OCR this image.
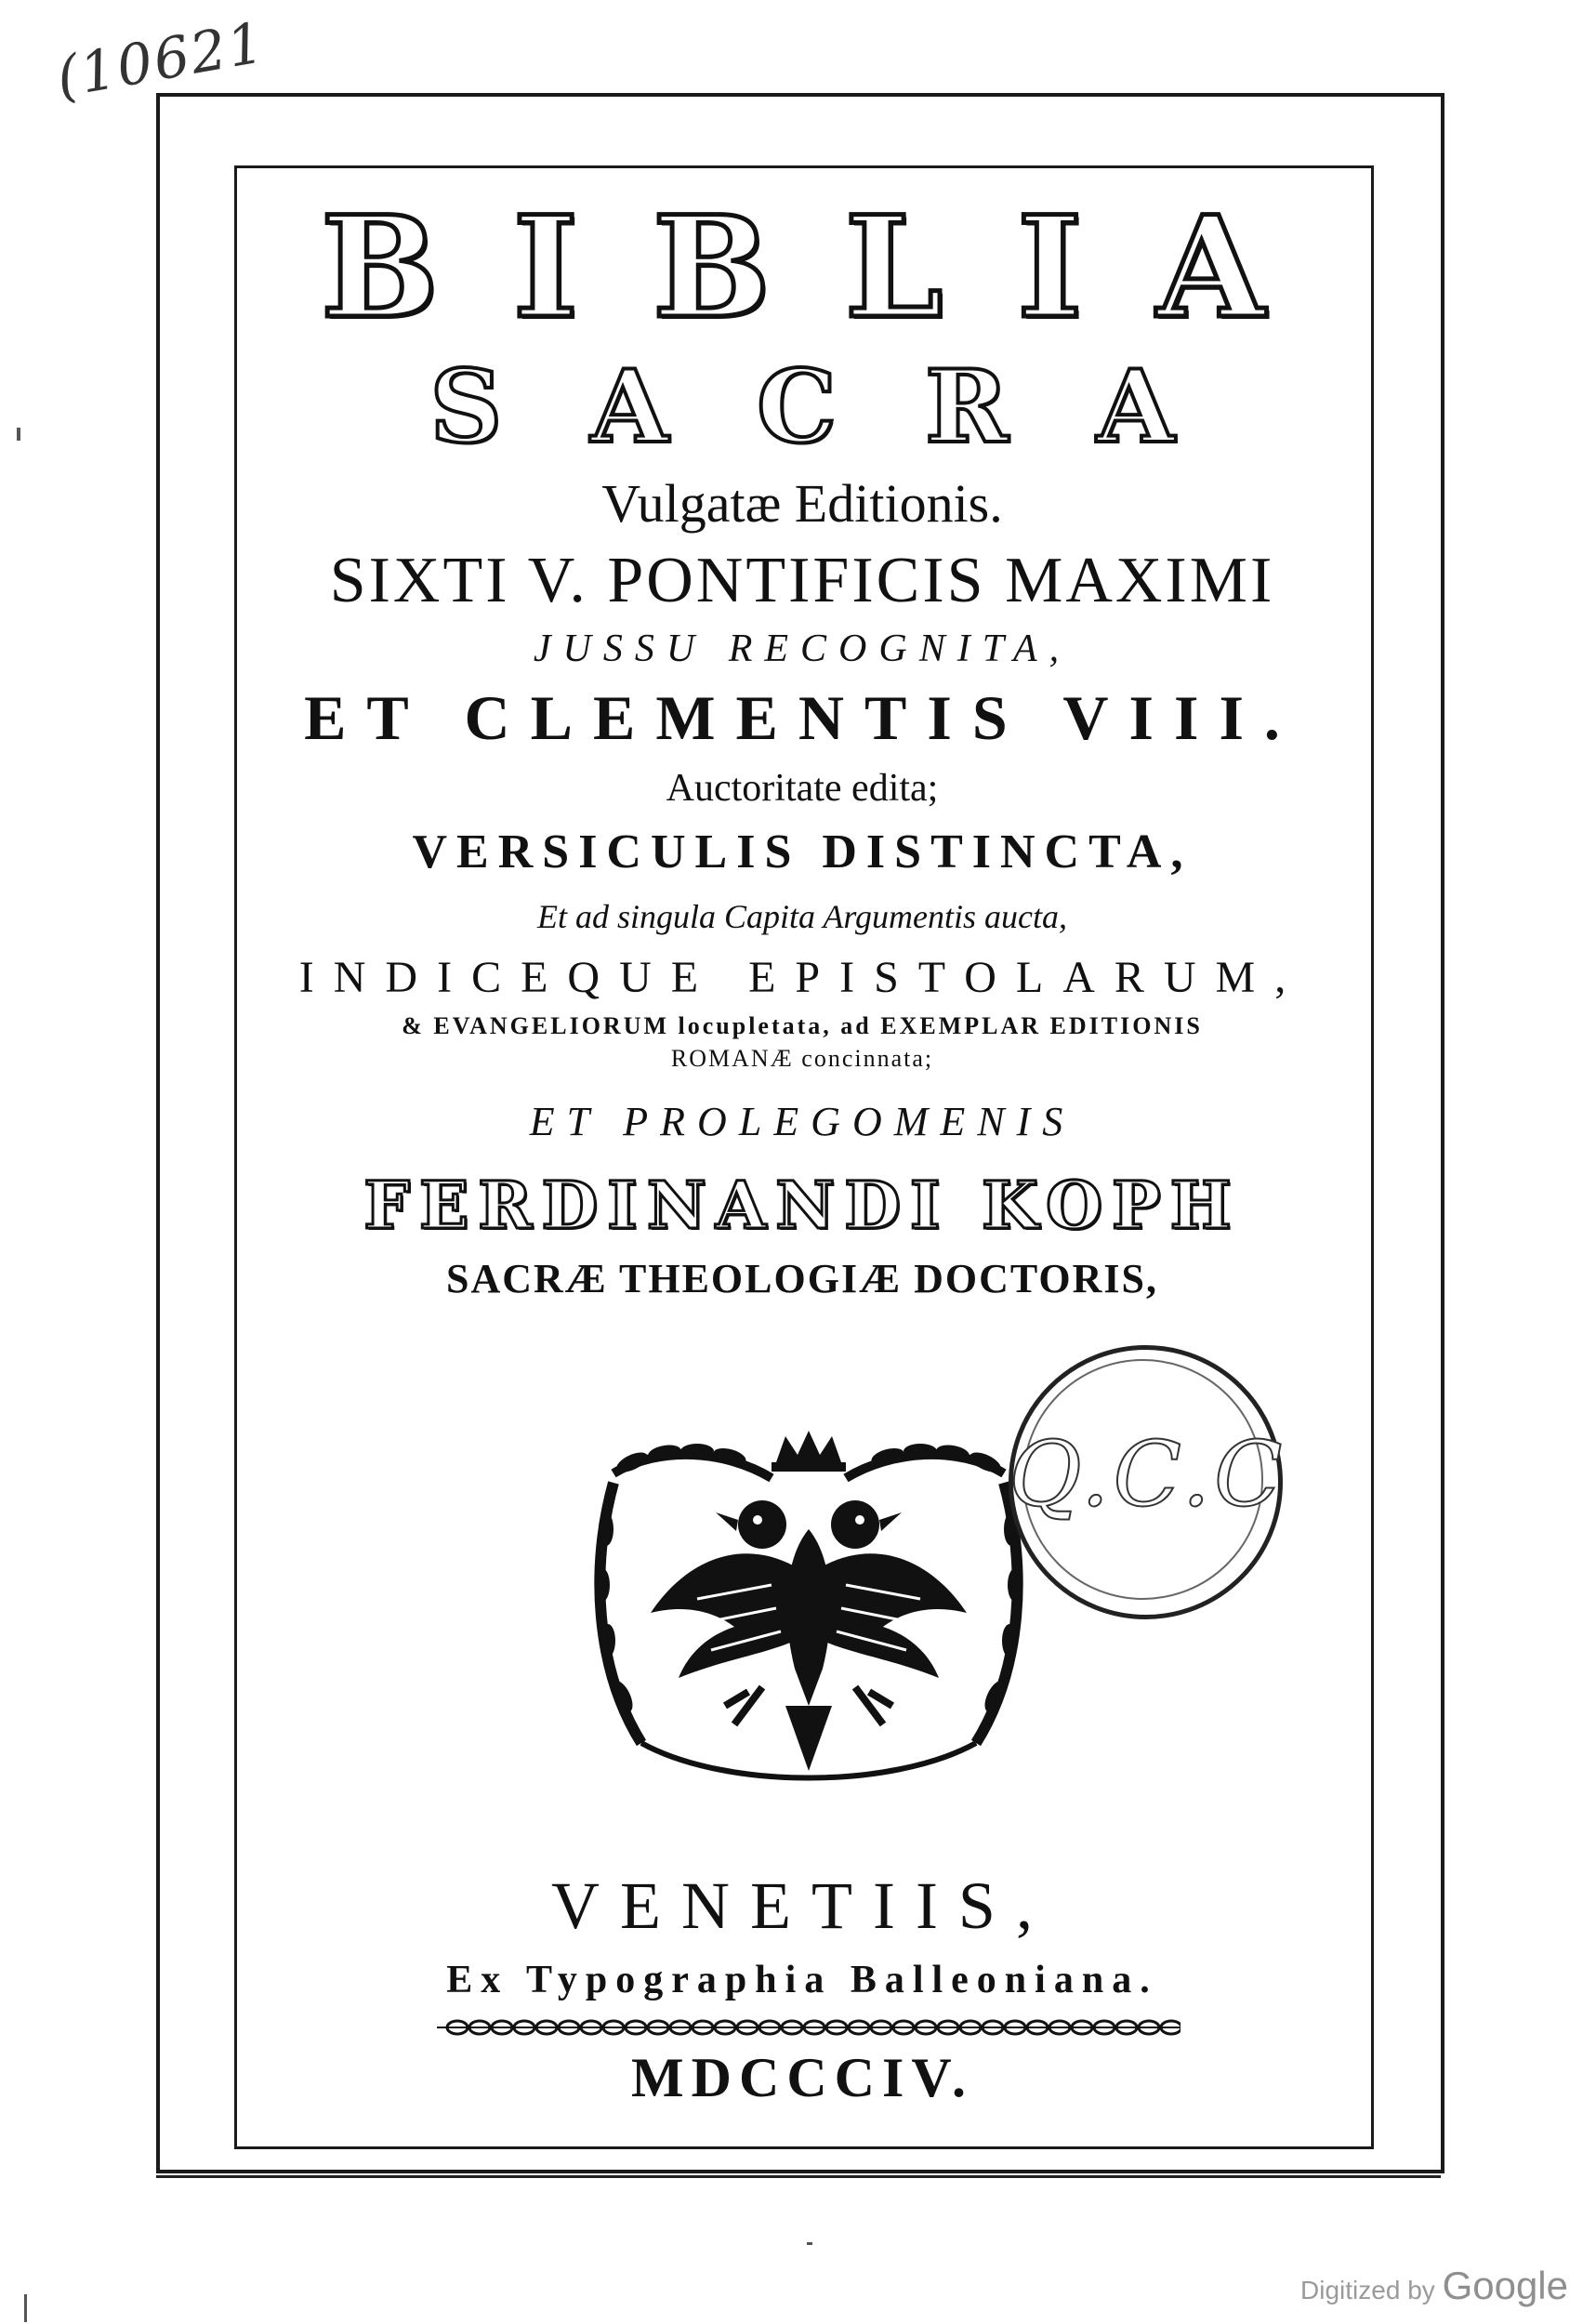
(10621
BIBLIA
SACRA
Vulgatæ Editionis.
SIXTI V. PONTIFICIS MAXIMI
JUSSU RECOGNITA,
ET CLEMENTIS VIII.
Auctoritate edita;
VERSICULIS DISTINCTA,
Et ad singula Capita Argumentis aucta,
INDICEQUE EPISTOLARUM,
& EVANGELIORUM locupletata, ad EXEMPLAR EDITIONIS
ROMANÆ concinnata;
ET PROLEGOMENIS
FERDINANDI KOPH
SACRÆ THEOLOGIÆ DOCTORIS,
Q.C.C
VENETIIS,
Ex Typographia Balleoniana.
MDCCCIV.
Digitized by Google
